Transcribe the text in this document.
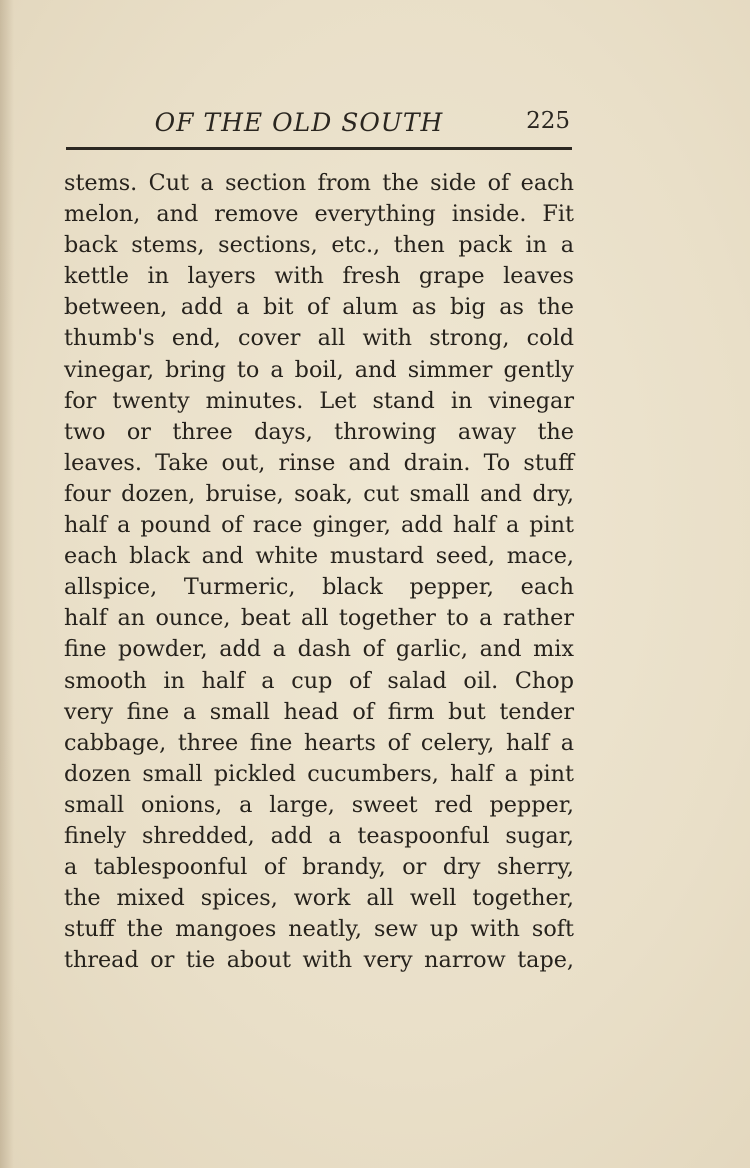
OF THE OLD SOUTH	225
stems. Cut a section from the side of each
melon, and remove everything inside. Fit
back stems, sections, etc., then pack in a
kettle in layers with fresh grape leaves
between, add a bit of alum as big as the
thumb's end, cover all with strong, cold
vinegar, bring to a boil, and simmer gently
for twenty minutes. Let stand in vinegar
two or three days, throwing away the
leaves. Take out, rinse and drain. To stuff
four dozen, bruise, soak, cut small and dry,
half a pound of race ginger, add half a pint
each black and white mustard seed, mace,
allspice, Turmeric, black pepper, each
half an ounce, beat all together to a rather
fine powder, add a dash of garlic, and mix
smooth in half a cup of salad oil. Chop
very fine a small head of firm but tender
cabbage, three fine hearts of celery, half a
dozen small pickled cucumbers, half a pint
small onions, a large, sweet red pepper,
finely shredded, add a teaspoonful sugar,
a tablespoonful of brandy, or dry sherry,
the mixed spices, work all well together,
stuff the mangoes neatly, sew up with soft
thread or tie about with very narrow tape,
